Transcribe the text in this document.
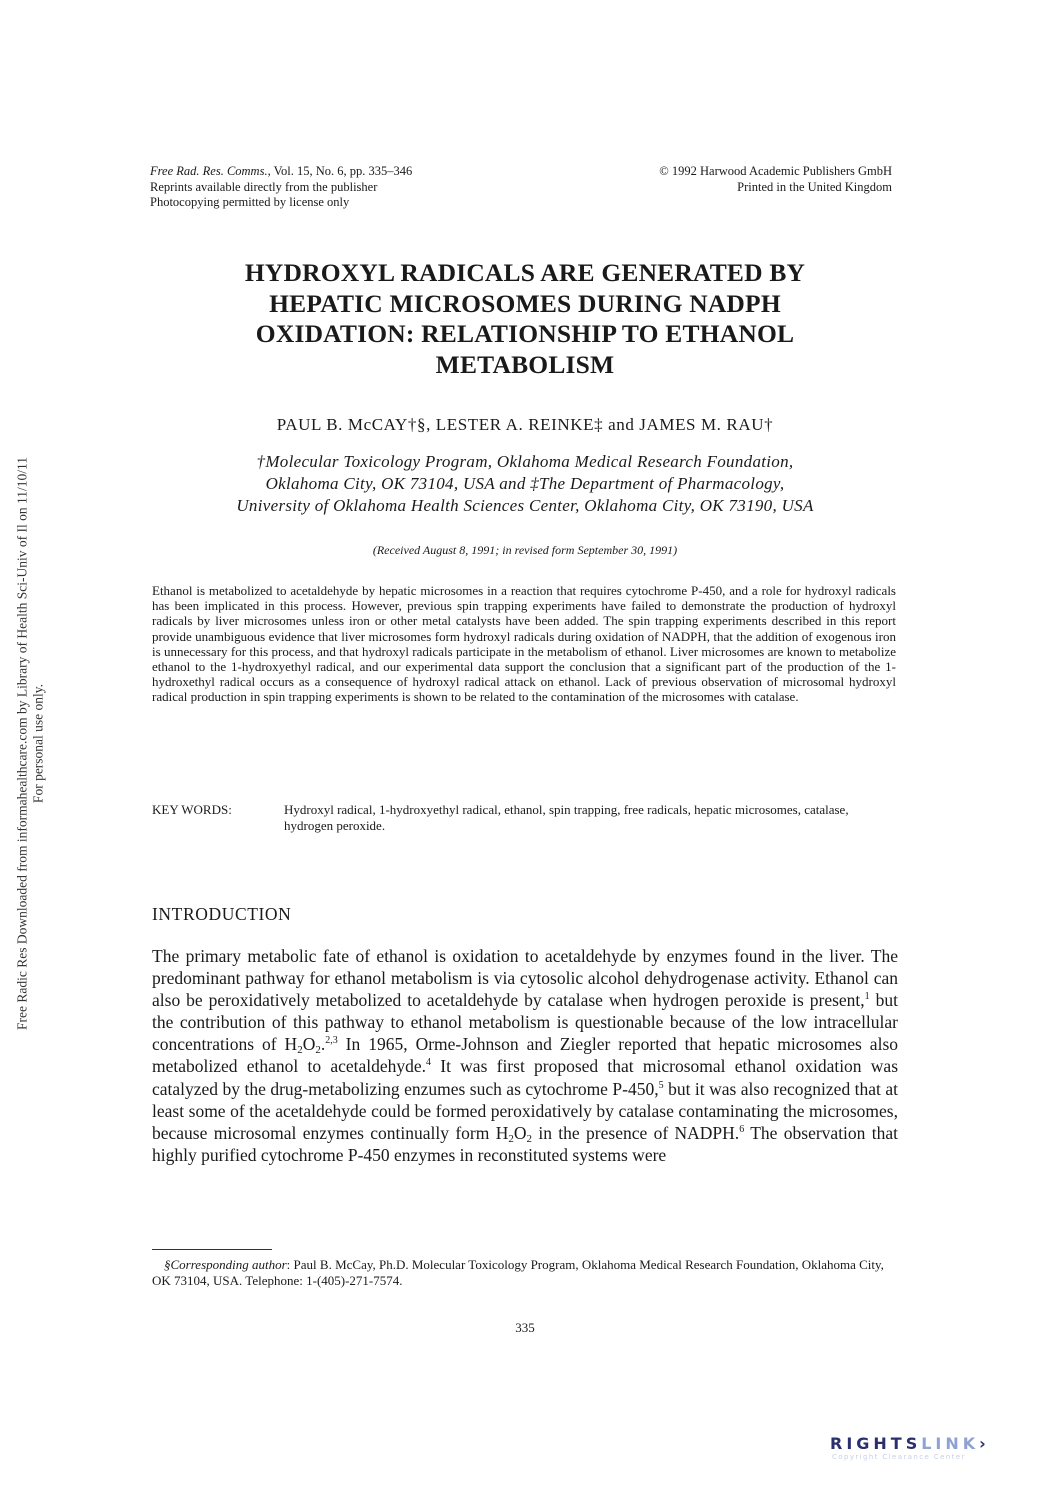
Free Radic Res Downloaded from informahealthcare.com by Library of Health Sci-Univ of Il on 11/10/11 For personal use only.
Free Rad. Res. Comms., Vol. 15, No. 6, pp. 335–346
Reprints available directly from the publisher
Photocopying permitted by license only
© 1992 Harwood Academic Publishers GmbH
Printed in the United Kingdom
HYDROXYL RADICALS ARE GENERATED BY
HEPATIC MICROSOMES DURING NADPH
OXIDATION: RELATIONSHIP TO ETHANOL
METABOLISM
PAUL B. McCAY†§, LESTER A. REINKE‡ and JAMES M. RAU†
†Molecular Toxicology Program, Oklahoma Medical Research Foundation,
Oklahoma City, OK 73104, USA and ‡The Department of Pharmacology,
University of Oklahoma Health Sciences Center, Oklahoma City, OK 73190, USA
(Received August 8, 1991; in revised form September 30, 1991)
Ethanol is metabolized to acetaldehyde by hepatic microsomes in a reaction that requires cytochrome P-450, and a role for hydroxyl radicals has been implicated in this process. However, previous spin trapping experiments have failed to demonstrate the production of hydroxyl radicals by liver microsomes unless iron or other metal catalysts have been added. The spin trapping experiments described in this report provide unambiguous evidence that liver microsomes form hydroxyl radicals during oxidation of NADPH, that the addition of exogenous iron is unnecessary for this process, and that hydroxyl radicals participate in the metabolism of ethanol. Liver microsomes are known to metabolize ethanol to the 1-hydroxyethyl radical, and our experimental data support the conclusion that a significant part of the production of the 1-hydroxethyl radical occurs as a consequence of hydroxyl radical attack on ethanol. Lack of previous observation of microsomal hydroxyl radical production in spin trapping experiments is shown to be related to the contamination of the microsomes with catalase.
KEY WORDS:	Hydroxyl radical, 1-hydroxyethyl radical, ethanol, spin trapping, free radicals, hepatic microsomes, catalase, hydrogen peroxide.
INTRODUCTION
The primary metabolic fate of ethanol is oxidation to acetaldehyde by enzymes found in the liver. The predominant pathway for ethanol metabolism is via cytosolic alcohol dehydrogenase activity. Ethanol can also be peroxidatively metabolized to acetaldehyde by catalase when hydrogen peroxide is present,$^1$ but the contribution of this pathway to ethanol metabolism is questionable because of the low intracellular concentrations of $H_2O_2.^{2,3}$ In 1965, Orme-Johnson and Ziegler reported that hepatic microsomes also metabolized ethanol to acetaldehyde.$^4$ It was first proposed that microsomal ethanol oxidation was catalyzed by the drug-metabolizing enzumes such as cytochrome P-450,$^5$ but it was also recognized that at least some of the acetaldehyde could be formed peroxidatively by catalase contaminating the microsomes, because microsomal enzymes continually form $H_2O_2$ in the presence of NADPH.$^6$ The observation that highly purified cytochrome P-450 enzymes in reconstituted systems were
§Corresponding author: Paul B. McCay, Ph.D. Molecular Toxicology Program, Oklahoma Medical Research Foundation, Oklahoma City, OK 73104, USA. Telephone: 1-(405)-271-7574.
335
RIGHTSLINK›
Copyright Clearance Center
